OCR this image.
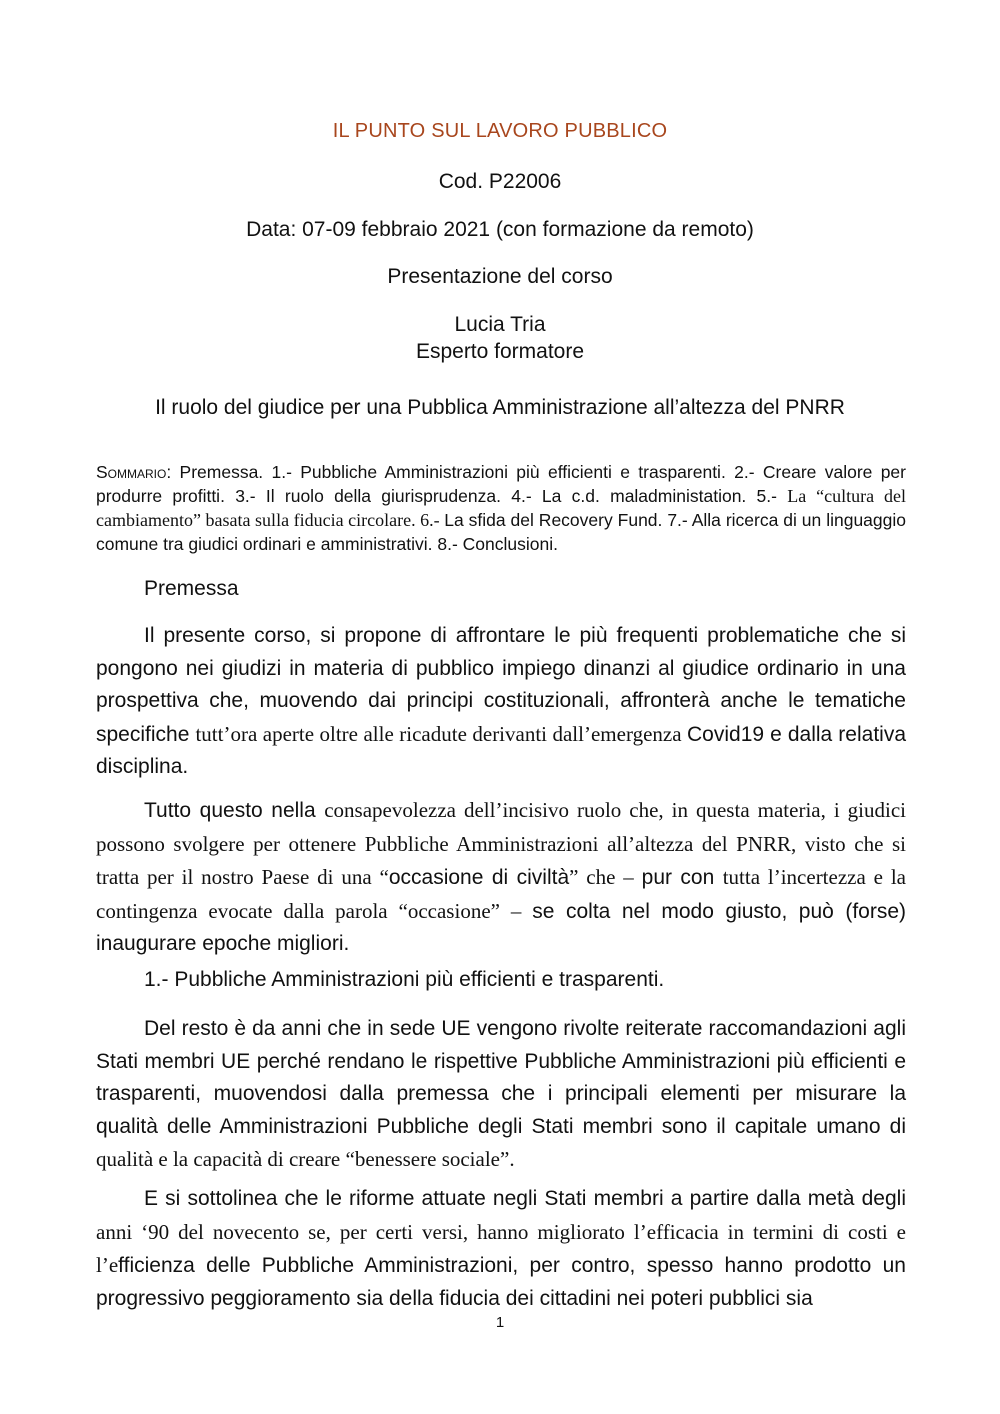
IL PUNTO SUL LAVORO PUBBLICO
Cod. P22006
Data: 07-09 febbraio 2021 (con formazione da remoto)
Presentazione del corso
Lucia Tria
Esperto formatore
Il ruolo del giudice per una Pubblica Amministrazione all’altezza del PNRR
Sommario: Premessa. 1.- Pubbliche Amministrazioni più efficienti e trasparenti. 2.- Creare valore per produrre profitti. 3.- Il ruolo della giurisprudenza. 4.- La c.d. maladministation. 5.- La “cultura del cambiamento” basata sulla fiducia circolare. 6.- La sfida del Recovery Fund. 7.- Alla ricerca di un linguaggio comune tra giudici ordinari e amministrativi. 8.- Conclusioni.
Premessa

Il presente corso, si propone di affrontare le più frequenti problematiche che si pongono nei giudizi in materia di pubblico impiego dinanzi al giudice ordinario in una prospettiva che, muovendo dai principi costituzionali, affronterà anche le tematiche specifiche tutt’ora aperte oltre alle ricadute derivanti dall’emergenza Covid19 e dalla relativa disciplina.

Tutto questo nella consapevolezza dell’incisivo ruolo che, in questa materia, i giudici possono svolgere per ottenere Pubbliche Amministrazioni all’altezza del PNRR, visto che si tratta per il nostro Paese di una “occasione di civiltà” che – pur con tutta l’incertezza e la contingenza evocate dalla parola “occasione” – se colta nel modo giusto, può (forse) inaugurare epoche migliori.

1.- Pubbliche Amministrazioni più efficienti e trasparenti.

Del resto è da anni che in sede UE vengono rivolte reiterate raccomandazioni agli Stati membri UE perché rendano le rispettive Pubbliche Amministrazioni più efficienti e trasparenti, muovendosi dalla premessa che i principali elementi per misurare la qualità delle Amministrazioni Pubbliche degli Stati membri sono il capitale umano di qualità e la capacità di creare “benessere sociale”.

E si sottolinea che le riforme attuate negli Stati membri a partire dalla metà degli anni ‘90 del novecento se, per certi versi, hanno migliorato l’efficacia in termini di costi e l’efficienza delle Pubbliche Amministrazioni, per contro, spesso hanno prodotto un progressivo peggioramento sia della fiducia dei cittadini nei poteri pubblici sia

1
